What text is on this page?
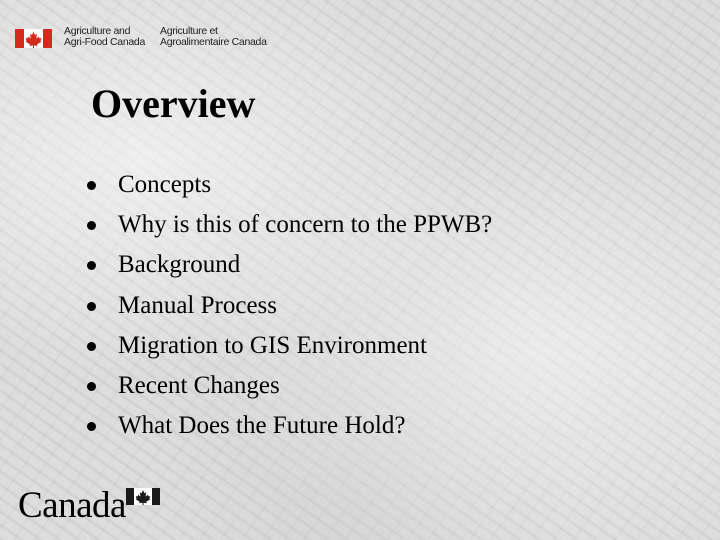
Agriculture and
Agri-Food Canada
Agriculture et
Agroalimentaire Canada
Overview
Concepts
Why is this of concern to the PPWB?
Background
Manual Process
Migration to GIS Environment
Recent Changes
What Does the Future Hold?
Canada
